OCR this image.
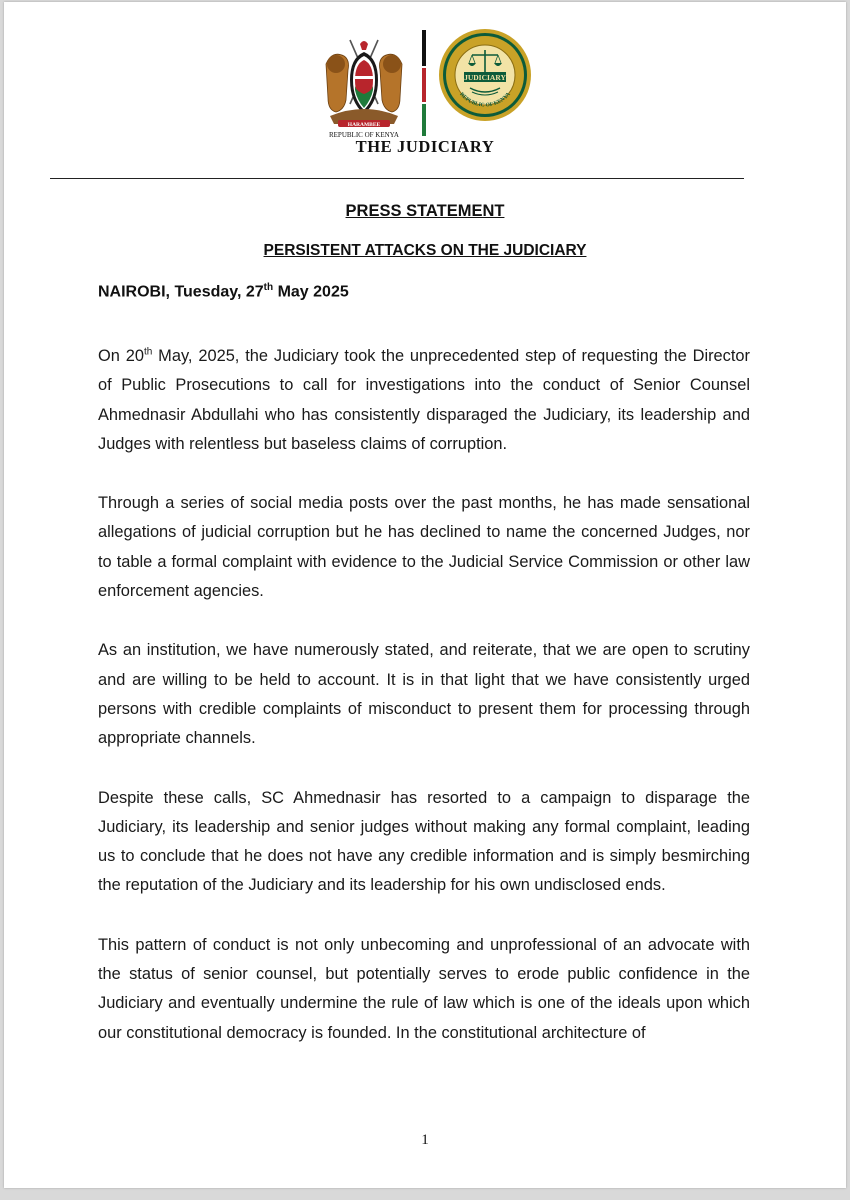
HARAMBEE
REPUBLIC OF KENYA
JUDICIARY
REPUBLIC OF KENYA
THE JUDICIARY
PRESS STATEMENT
PERSISTENT ATTACKS ON THE JUDICIARY
NAIROBI, Tuesday, 27th May 2025

On 20th May, 2025, the Judiciary took the unprecedented step of requesting the Director of Public Prosecutions to call for investigations into the conduct of Senior Counsel Ahmednasir Abdullahi who has consistently disparaged the Judiciary, its leadership and Judges with relentless but baseless claims of corruption.

Through a series of social media posts over the past months, he has made sensational allegations of judicial corruption but he has declined to name the concerned Judges, nor to table a formal complaint with evidence to the Judicial Service Commission or other law enforcement agencies.

As an institution, we have numerously stated, and reiterate, that we are open to scrutiny and are willing to be held to account. It is in that light that we have consistently urged persons with credible complaints of misconduct to present them for processing through appropriate channels.

Despite these calls, SC Ahmednasir has resorted to a campaign to disparage the Judiciary, its leadership and senior judges without making any formal complaint, leading us to conclude that he does not have any credible information and is simply besmirching the reputation of the Judiciary and its leadership for his own undisclosed ends.

This pattern of conduct is not only unbecoming and unprofessional of an advocate with the status of senior counsel, but potentially serves to erode public confidence in the Judiciary and eventually undermine the rule of law which is one of the ideals upon which our constitutional democracy is founded. In the constitutional architecture of

1
